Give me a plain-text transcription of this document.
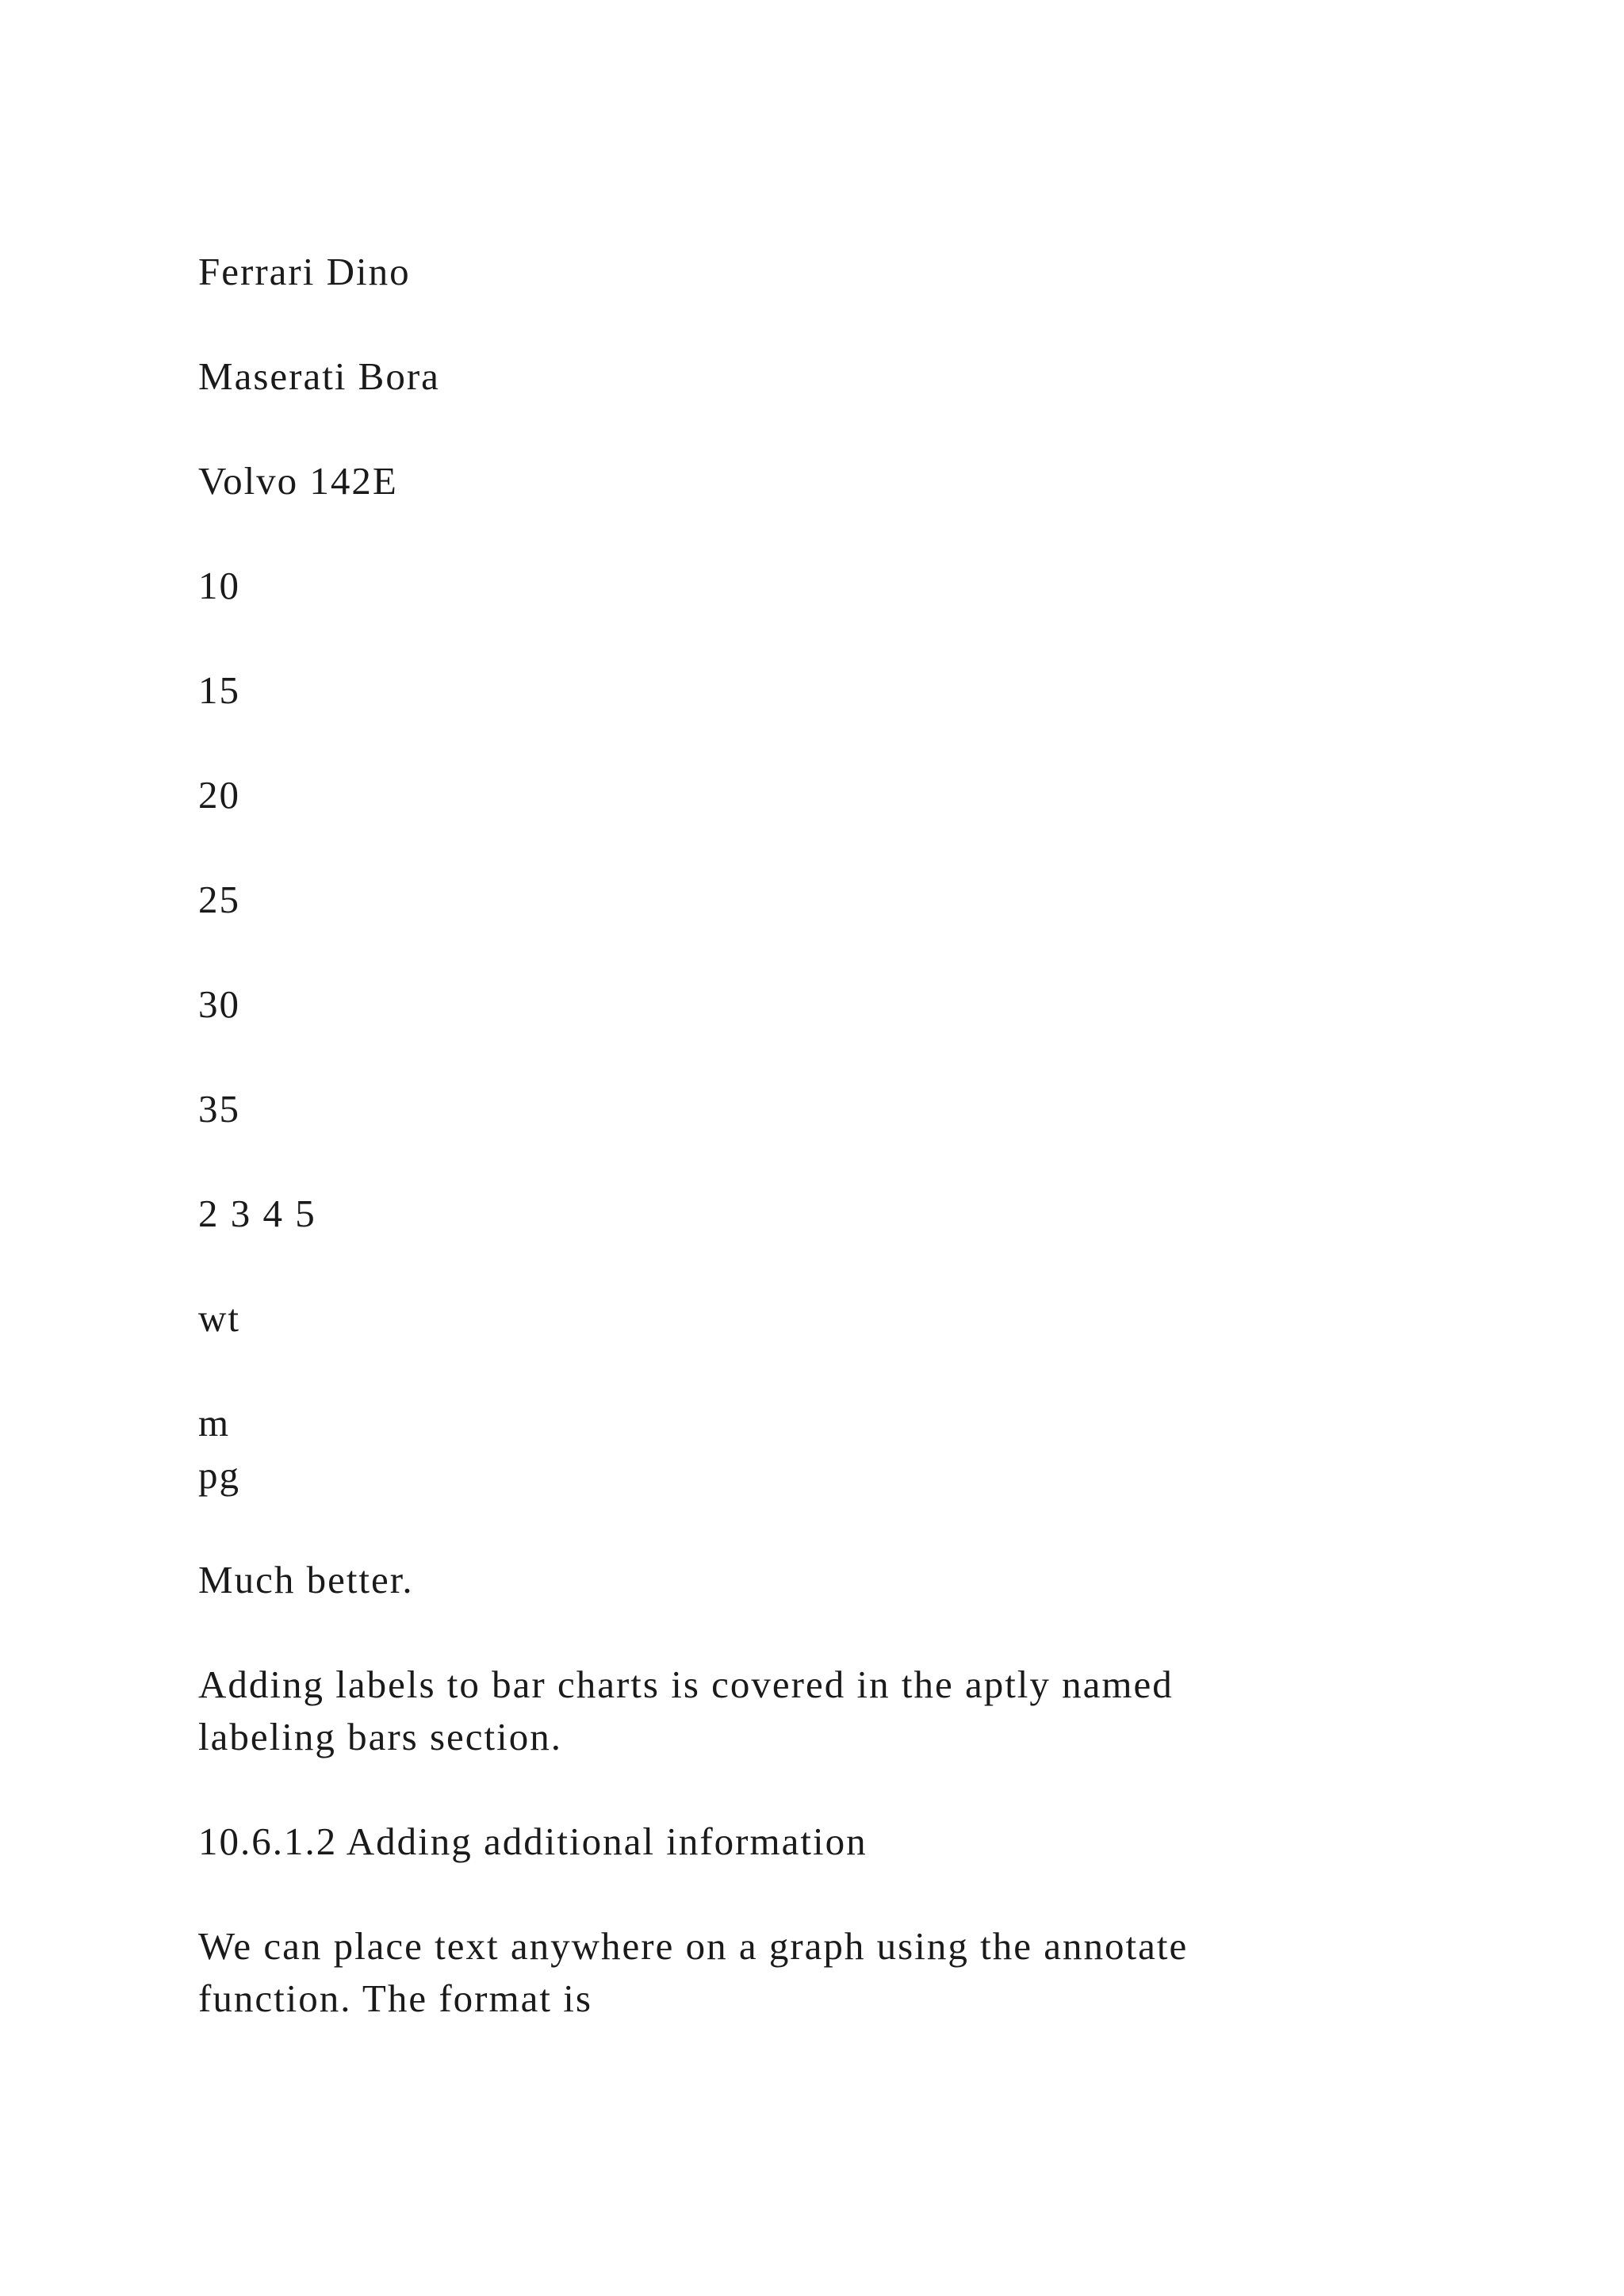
Ferrari Dino
Maserati Bora
Volvo 142E
10
15
20
25
30
35
2 3 4 5
wt
m
pg
Much better.
Adding labels to bar charts is covered in the aptly named
labeling bars section.
10.6.1.2 Adding additional information
We can place text anywhere on a graph using the annotate
function. The format is
